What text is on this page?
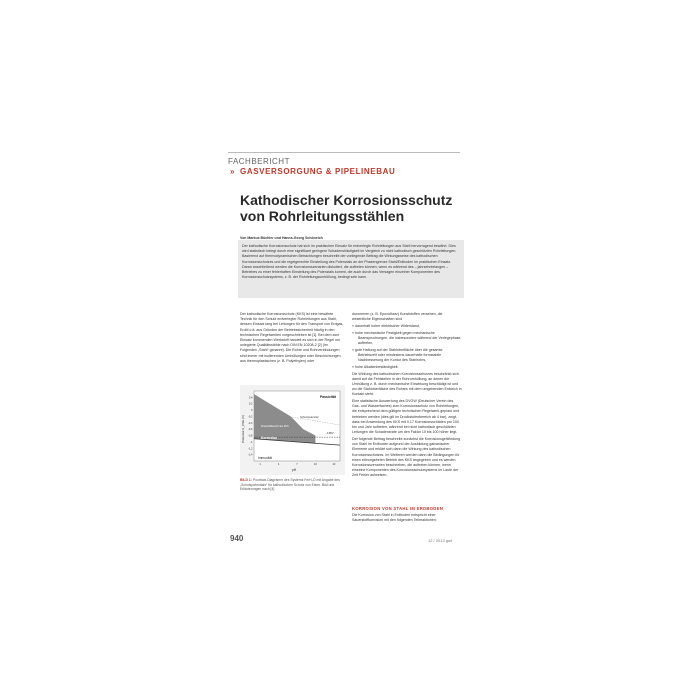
FACHBERICHT
» GASVERSORGUNG & PIPELINEBAU
Kathodischer Korrosionsschutz von Rohrleitungsstählen
Von Markus Büchler und Hanns-Georg Schöneich
Der kathodische Korrosionsschutz hat sich im praktischen Einsatz für erdverlegte Rohrleitungen aus Stahl hervorragend bewährt. Dies wird statistisch belegt durch eine signifikant geringere Schadenshäufigkeit im Vergleich zu nicht kathodisch geschützten Rohrleitungen. Basierend auf thermodynamischen Betrachtungen beschreibt der vorliegende Beitrag die Wirkungsweise des kathodischen Korrosionsschutzes und die regelgerechte Einstellung des Potenzials an der Phasengrenze Stahl/Erdboden im praktischen Einsatz. Daran anschließend werden die Korrosionsszenarien diskutiert, die auftreten können, wenn es während des – jahrzehntelangen – Betriebes zu einer fehlerhaften Einstellung des Potenzials kommt, die auch durch das Versagen einzelner Komponenten des Korrosionsschutzsystems, z. B. der Rohrleitungsumhüllung, bedingt sein kann.

Der kathodische Korrosionsschutz (KKS) ist eine bewährte Technik für den Schutz erdverlegter Rohrleitungen aus Stahl, dessen Einsatz lang bei Leitungen für den Transport von Erdgas, Erdöl o.ä. aus Gründen der Betriebssicherheit häufig in den technischen Regelwerken vorgeschrieben ist [1]. Bei dem zum Einsatz kommenden Werkstoff handelt es sich in der Regel um unlegierte Qualitätsstähle nach DIN EN 10208-2 [2] (im Folgenden „Stahl“ genannt). Die Rohre und Rohrverbindungen sind immer mit isolierenden Umhüllungen oder Beschichtungen aus thermoplastischen (z. B. Polyethylen) oder

duromeren (z. B. Epoxidharz) Kunststoffen versehen, die wesentliche Eigenschaften sind

» dauerhaft hoher elektrischer Widerstand,

» hohe mechanische Festigkeit gegen mechanische Beanspruchungen, die insbesondere während der Verlegephase auftreten,

» gute Haftung auf der Stahloberfläche über die gesamte Betriebszeit oder mindestens dauerhafte formstabile Nachbesserung der Kontur des Stahlrohrs,

» hohe Alkalienbeständigkeit.

Die Wirkung des kathodischen Korrosionsschutzes beschränkt sich damit auf die Fehlstellen in der Rohrumhüllung, an denen die Umhüllung z. B. durch mechanische Einwirkung beschädigt ist und wo die Stahloberfläche des Rohres mit dem umgebenden Erdreich in Kontakt steht.

Eine statistische Auswertung des DVGW (Deutscher Verein des Gas- und Wasserfaches) zum Korrosionsschutz von Rohrleitungen, die entsprechend dem gültigen technischen Regelwerk geplant und betrieben werden (dies gilt im Druckstufenbereich ab 4 bar), zeigt, dass bei Anwendung des KKS mit 0,17 Korrosionsschäden pro 100 km und Jahr auftreten, während bei nicht kathodisch geschützten Leitungen die Schadensrate um den Faktor 10 bis 100 höher liegt.

Der folgende Beitrag beschreibt zunächst die Korrosionsgefährdung von Stahl im Erdboden aufgrund der Ausbildung galvanischer Elemente und erklärt sich dann die Wirkung des kathodischen Korrosionsschutzes. Im Weiteren werden dann die Bedingungen für einen störungsfreien Betrieb des KKS angegeben und es werden Korrosionsszenarien beschrieben, die auftreten können, wenn einzelne Komponenten des Korrosionsschutzsystems im Laufe der Zeit Fehler aufweisen.

0,4
0,2
0
-0,2
-0,4
-0,6
-0,8
-1
-1,2
-1,4
1	4	7	10	13
Passivität
Korrosion
Immunität
Potenzialbereich des KKS
Schutzpotenzial
-0,85V
pH
Potenzial U_CSE (V)
BILD 1: Pourbaix-Diagramm des Systems Fe/H₂O mit Angabe des „Schutzpotentials“ für kathodischen Schutz von Eisen. Bild und Erläuterungen nach [4]
KORROSION VON STAHL IM ERDBODEN
Die Korrosion von Stahl in Erdboden entspricht einer Sauerstoffkorrosion mit den folgenden Teilreaktionen:
940	12 / 2013 gwf
